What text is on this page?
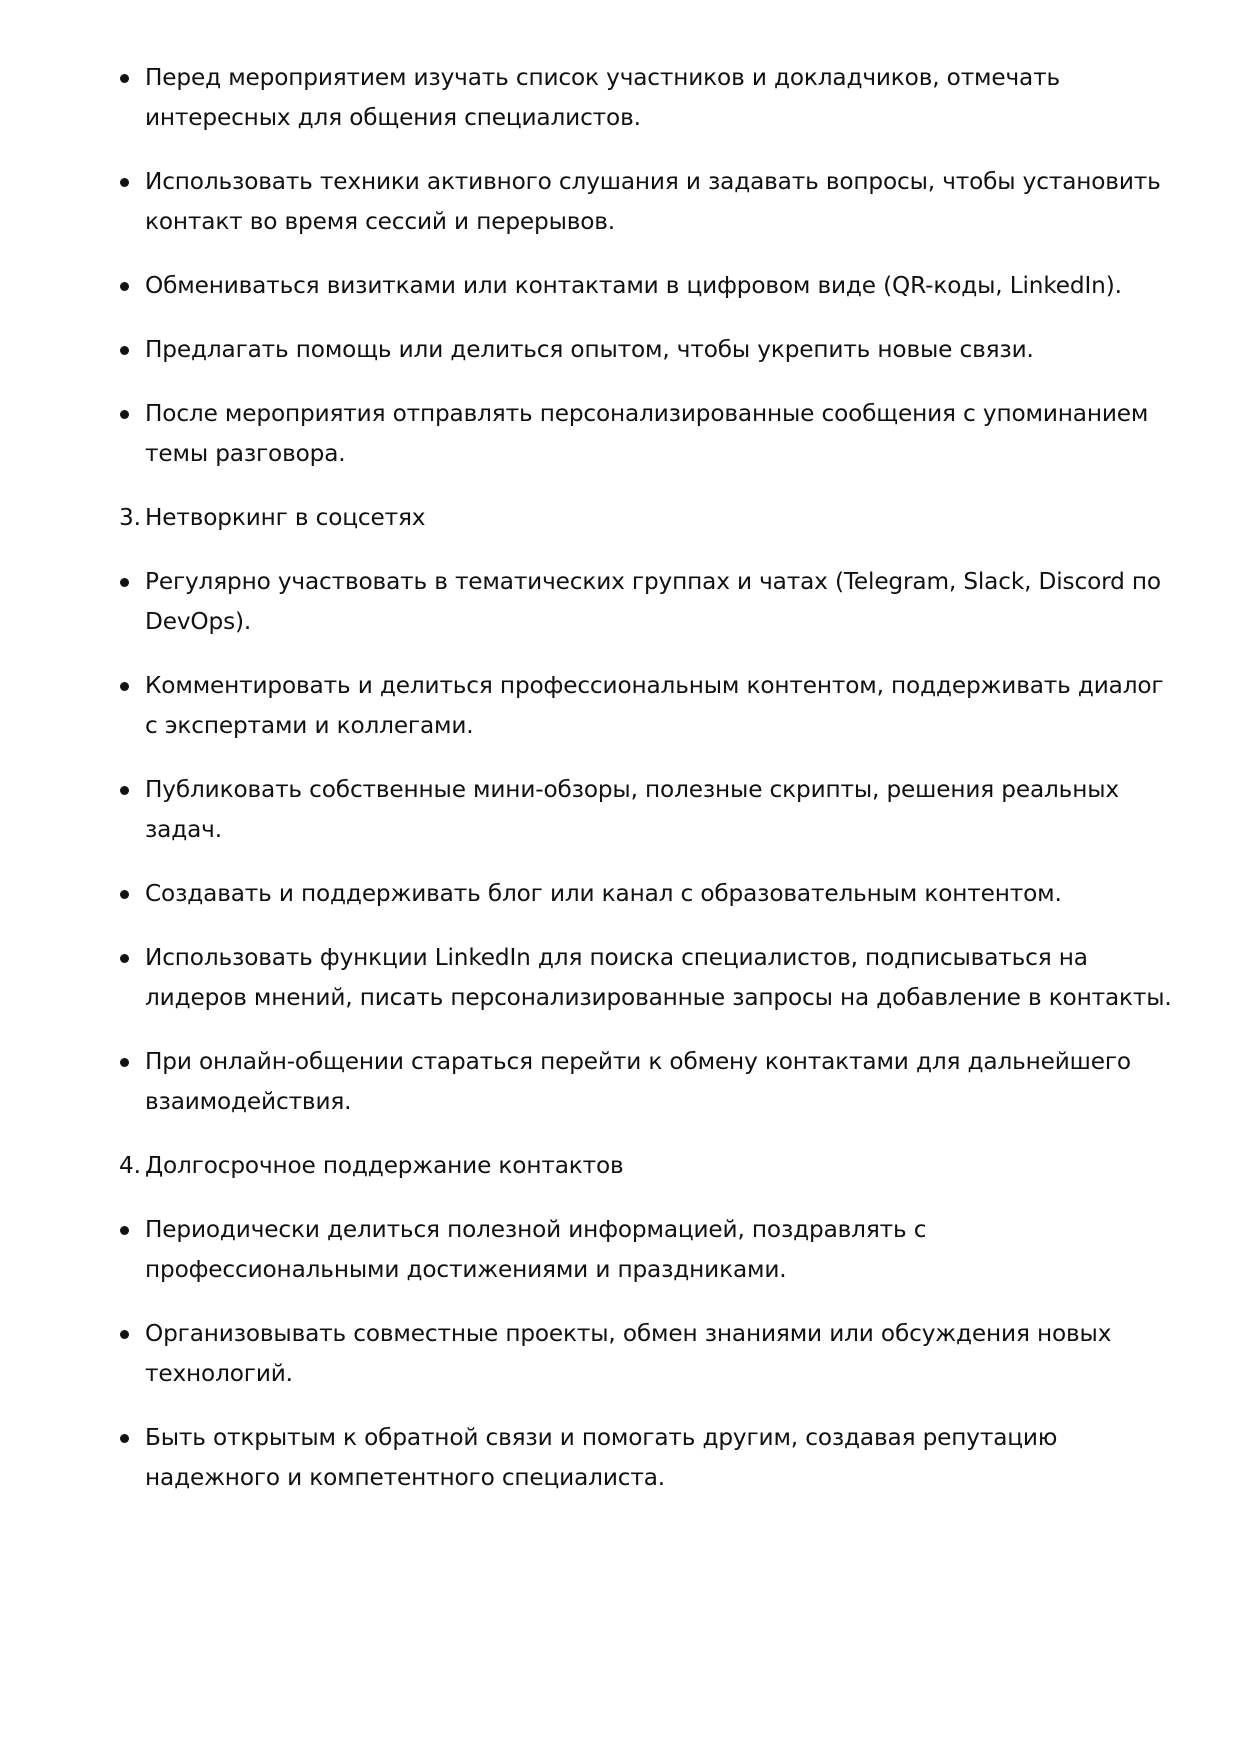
Перед мероприятием изучать список участников и докладчиков, отмечать интересных для общения специалистов.
Использовать техники активного слушания и задавать вопросы, чтобы установить контакт во время сессий и перерывов.
Обмениваться визитками или контактами в цифровом виде (QR-коды, LinkedIn).
Предлагать помощь или делиться опытом, чтобы укрепить новые связи.
После мероприятия отправлять персонализированные сообщения с упоминанием темы разговора.
3. Нетворкинг в соцсетях
Регулярно участвовать в тематических группах и чатах (Telegram, Slack, Discord по DevOps).
Комментировать и делиться профессиональным контентом, поддерживать диалог с экспертами и коллегами.
Публиковать собственные мини-обзоры, полезные скрипты, решения реальных задач.
Создавать и поддерживать блог или канал с образовательным контентом.
Использовать функции LinkedIn для поиска специалистов, подписываться на лидеров мнений, писать персонализированные запросы на добавление в контакты.
При онлайн-общении стараться перейти к обмену контактами для дальнейшего взаимодействия.
4. Долгосрочное поддержание контактов
Периодически делиться полезной информацией, поздравлять с профессиональными достижениями и праздниками.
Организовывать совместные проекты, обмен знаниями или обсуждения новых технологий.
Быть открытым к обратной связи и помогать другим, создавая репутацию надежного и компетентного специалиста.
